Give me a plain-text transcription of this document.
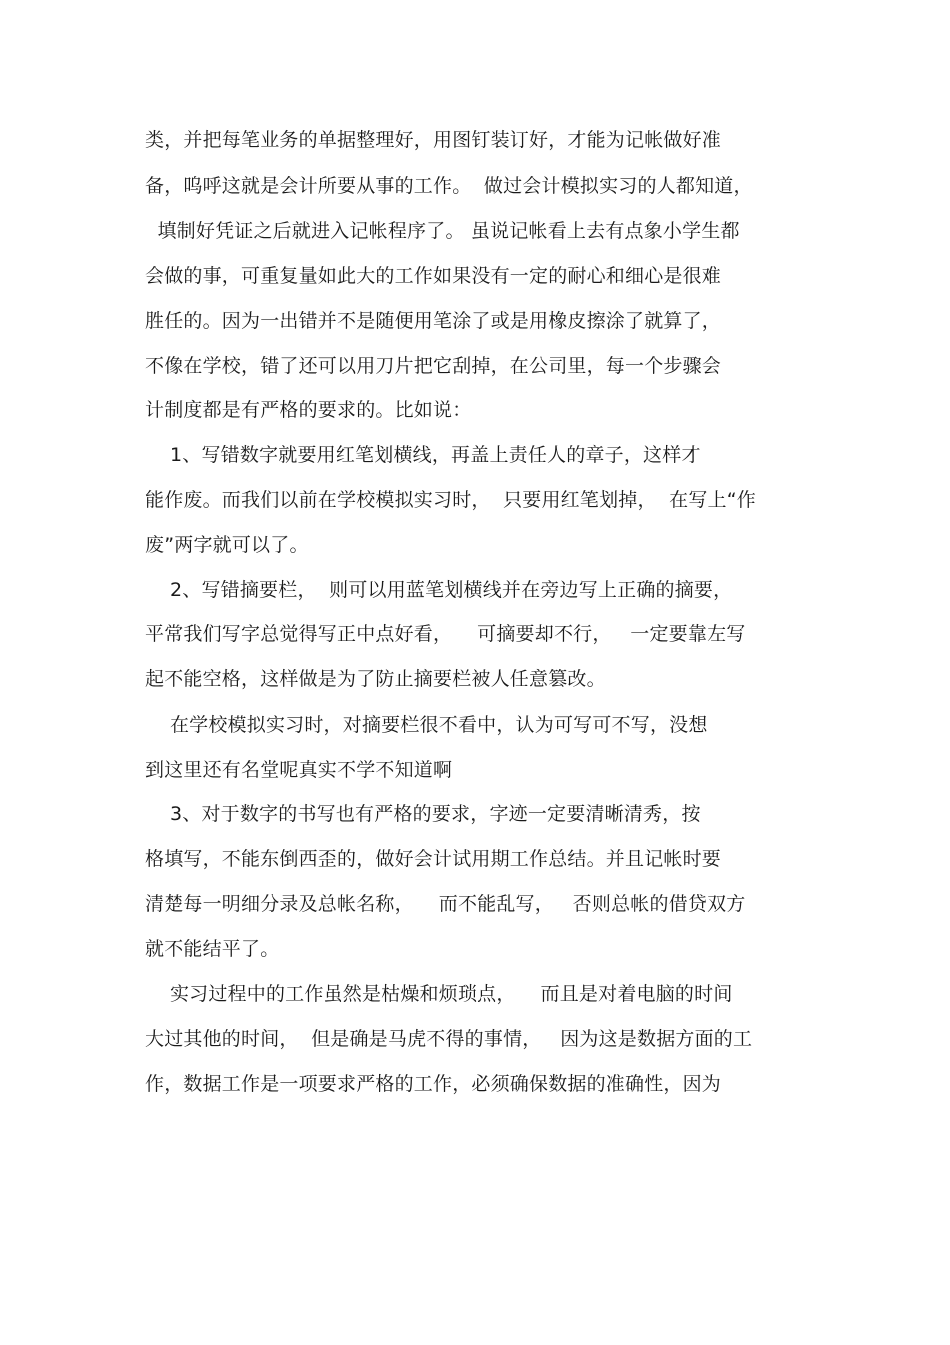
类，并把每笔业务的单据整理好，用图钉装订好，才能为记帐做好准
备，呜呼这就是会计所要从事的工作。  做过会计模拟实习的人都知道，
填制好凭证之后就进入记帐程序了。 虽说记帐看上去有点象小学生都
会做的事，可重复量如此大的工作如果没有一定的耐心和细心是很难
胜任的。因为一出错并不是随便用笔涂了或是用橡皮擦涂了就算了，
不像在学校，错了还可以用刀片把它刮掉，在公司里，每一个步骤会
计制度都是有严格的要求的。比如说：
1、写错数字就要用红笔划横线，再盖上责任人的章子，这样才
能作废。而我们以前在学校模拟实习时，  只要用红笔划掉，  在写上“作
废”两字就可以了。
2、写错摘要栏，  则可以用蓝笔划横线并在旁边写上正确的摘要，
平常我们写字总觉得写正中点好看，    可摘要却不行，   一定要靠左写
起不能空格，这样做是为了防止摘要栏被人任意篡改。
在学校模拟实习时，对摘要栏很不看中，认为可写可不写，没想
到这里还有名堂呢真实不学不知道啊
3、对于数字的书写也有严格的要求，字迹一定要清晰清秀，按
格填写，不能东倒西歪的，做好会计试用期工作总结。并且记帐时要
清楚每一明细分录及总帐名称，    而不能乱写，   否则总帐的借贷双方
就不能结平了。
实习过程中的工作虽然是枯燥和烦琐点，    而且是对着电脑的时间
大过其他的时间，  但是确是马虎不得的事情，   因为这是数据方面的工
作，数据工作是一项要求严格的工作，必须确保数据的准确性，因为
